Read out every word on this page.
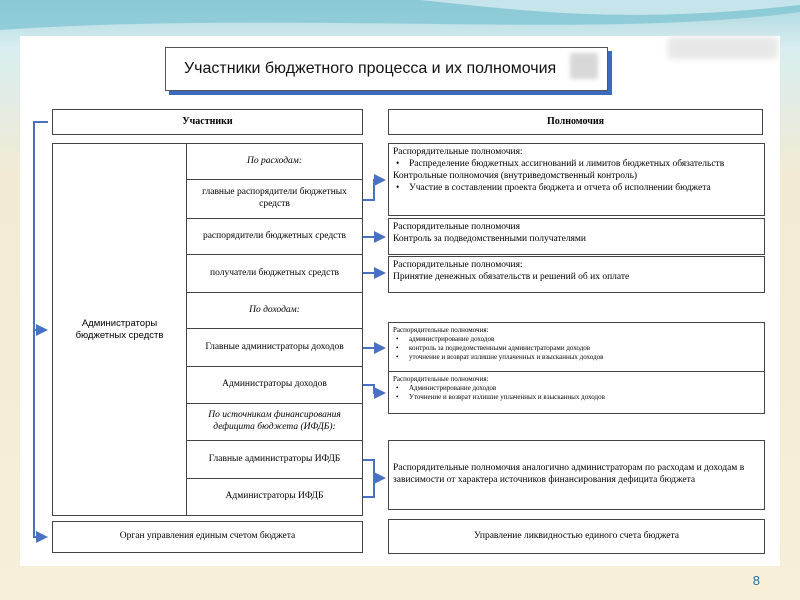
Участники бюджетного процесса и их полномочия
Участники	Полномочия
Администраторы бюджетных средств
По расходам:
главные распорядители бюджетных средств
распорядители бюджетных средств
получатели бюджетных средств
По доходам:
Главные администраторы доходов
Администраторы доходов
По источникам финансирования дефицита бюджета (ИФДБ):
Главные администраторы ИФДБ
Администраторы ИФДБ
Орган управления единым счетом бюджета
Распорядительные полномочия:
• Распределение бюджетных ассигнований и лимитов бюджетных обязательств
Контрольные полномочия (внутриведомственный контроль)
• Участие в составлении проекта бюджета и отчета об исполнении бюджета
Распорядительные полномочия
Контроль за подведомственными получателями
Распорядительные полномочия:
Принятие денежных обязательств и решений об их оплате
Распорядительные полномочия:
• администрирование доходов
• контроль за подведомственными администраторами доходов
• уточнение и возврат излишне уплаченных и взысканных доходов
Распорядительные полномочия:
• Администрирование доходов
• Уточнение и возврат излишне уплаченных и взысканных доходов
Распорядительные полномочия аналогично администраторам по расходам и доходам в зависимости от характера источников финансирования дефицита бюджета
Управление ликвидностью единого счета бюджета
8
